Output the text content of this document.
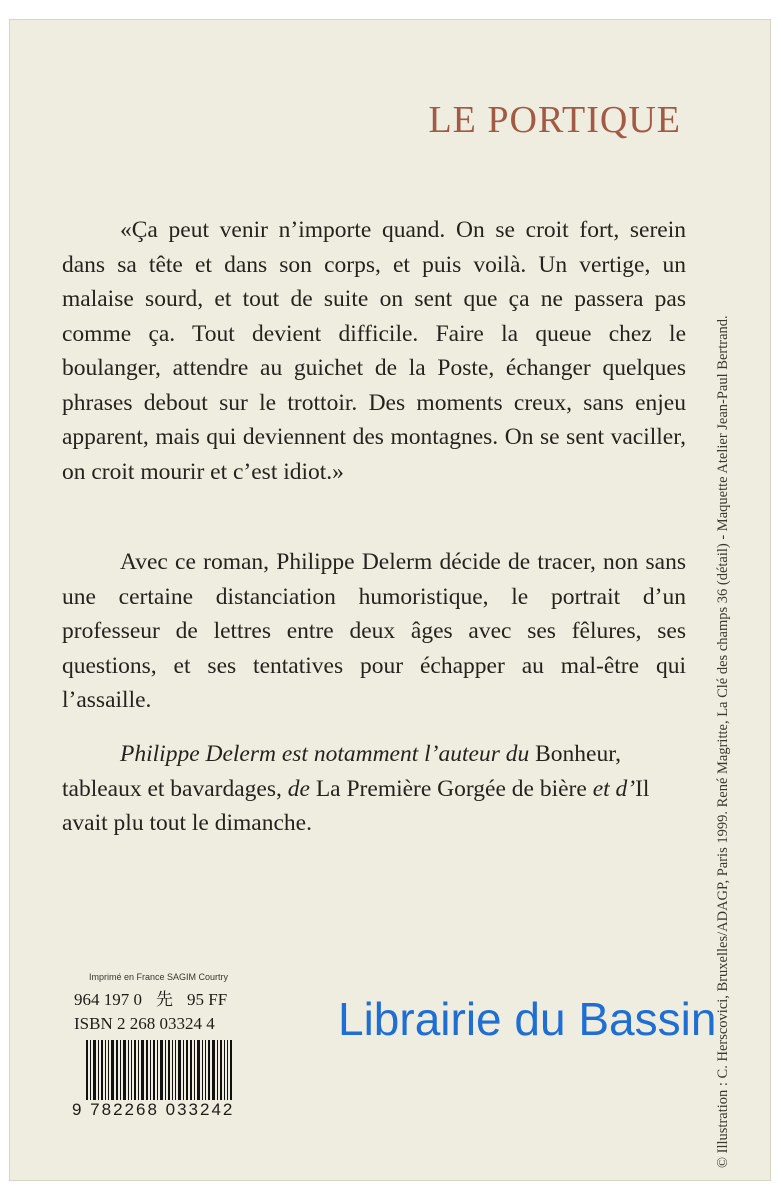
LE PORTIQUE

«Ça peut venir n’importe quand. On se croit fort, serein dans sa tête et dans son corps, et puis voilà. Un vertige, un malaise sourd, et tout de suite on sent que ça ne passera pas comme ça. Tout devient difficile. Faire la queue chez le boulanger, attendre au guichet de la Poste, échanger quelques phrases debout sur le trottoir. Des moments creux, sans enjeu apparent, mais qui deviennent des montagnes. On se sent vaciller, on croit mourir et c’est idiot.»

Avec ce roman, Philippe Delerm décide de tracer, non sans une certaine distanciation humoristique, le portrait d’un professeur de lettres entre deux âges avec ses fêlures, ses questions, et ses tentatives pour échapper au mal-être qui l’assaille.

Philippe Delerm est notamment l’auteur du Bonheur, tableaux et bavardages, de La Première Gorgée de bière et d’Il avait plu tout le dimanche.	© Illustration : C. Herscovici, Bruxelles/ADAGP, Paris 1999. René Magritte, La Clé des champs 36 (détail) - Maquette Atelier Jean-Paul Bertrand.
Imprimé en France SAGIM Courtry
964 197 0 先 95 FF
ISBN 2 268 03324 4
9 782268 033242
Librairie du Bassin
